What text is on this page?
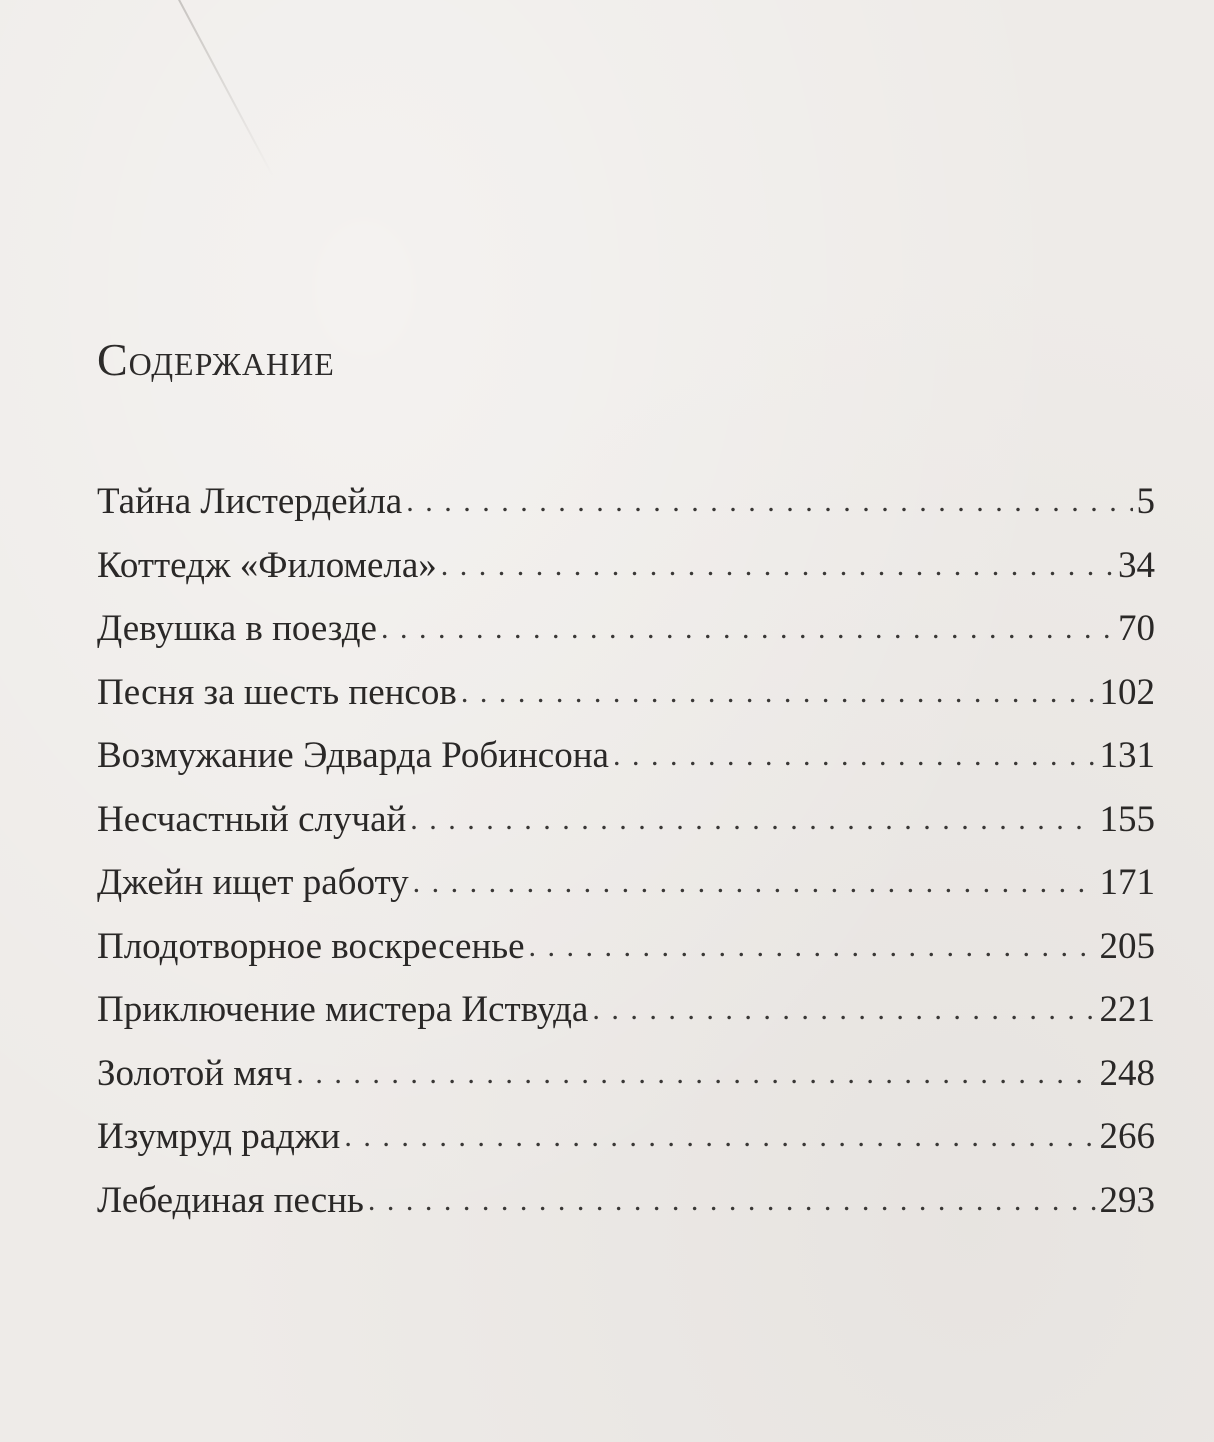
Содержание
Тайна Листердейла . . .	5
Коттедж «Филомела» . . .	34
Девушка в поезде . . .	70
Песня за шесть пенсов . . .	102
Возмужание Эдварда Робинсона . . .	131
Несчастный случай . . .	155
Джейн ищет работу . . .	171
Плодотворное воскресенье . . .	205
Приключение мистера Иствуда . . .	221
Золотой мяч . . .	248
Изумруд раджи . . .	266
Лебединая песнь . . .	293
